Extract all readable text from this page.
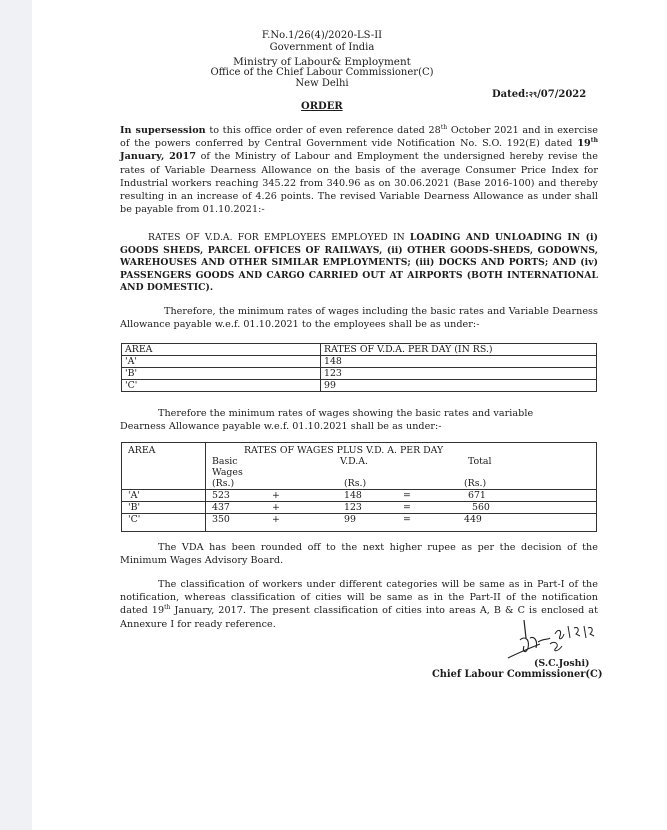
F.No.1/26(4)/2020-LS-II
Government of India
Ministry of Labour& Employment
Office of the Chief Labour Commissioner(C)
New Delhi
Dated:२९/07/2022
ORDER
In supersession to this office order of even reference dated 28th October 2021 and in exercise of the powers conferred by Central Government vide Notification No. S.O. 192(E) dated 19th January, 2017 of the Ministry of Labour and Employment the undersigned hereby revise the rates of Variable Dearness Allowance on the basis of the average Consumer Price Index for Industrial workers reaching 345.22 from 340.96 as on 30.06.2021 (Base 2016-100) and thereby resulting in an increase of 4.26 points. The revised Variable Dearness Allowance as under shall be payable from 01.10.2021:-
RATES OF V.D.A. FOR EMPLOYEES EMPLOYED IN LOADING AND UNLOADING IN (i) GOODS SHEDS, PARCEL OFFICES OF RAILWAYS, (ii) OTHER GOODS-SHEDS, GODOWNS, WAREHOUSES AND OTHER SIMILAR EMPLOYMENTS; (iii) DOCKS AND PORTS; AND (iv) PASSENGERS GOODS AND CARGO CARRIED OUT AT AIRPORTS (BOTH INTERNATIONAL AND DOMESTIC).
Therefore, the minimum rates of wages including the basic rates and Variable Dearness Allowance payable w.e.f. 01.10.2021 to the employees shall be as under:-
AREA	RATES OF V.D.A. PER DAY (IN RS.)
'A'	148
'B'	123
'C'	99
Therefore the minimum rates of wages showing the basic rates and variable Dearness Allowance payable w.e.f. 01.10.2021 shall be as under:-
AREA	RATES OF WAGES PLUS V.D. A. PER DAY
Basic
Wages
(Rs.)
V.D.A.
(Rs.)
Total
(Rs.)
'A'	523	+	148	=	671
'B'	437	+	123	=	560
'C'	350	+	99	=	449
The VDA has been rounded off to the next higher rupee as per the decision of the Minimum Wages Advisory Board.
The classification of workers under different categories will be same as in Part-I of the notification, whereas classification of cities will be same as in the Part-II of the notification dated 19th January, 2017. The present classification of cities into areas A, B & C is enclosed at Annexure I for ready reference.
(S.C.Joshi)
Chief Labour Commissioner(C)
